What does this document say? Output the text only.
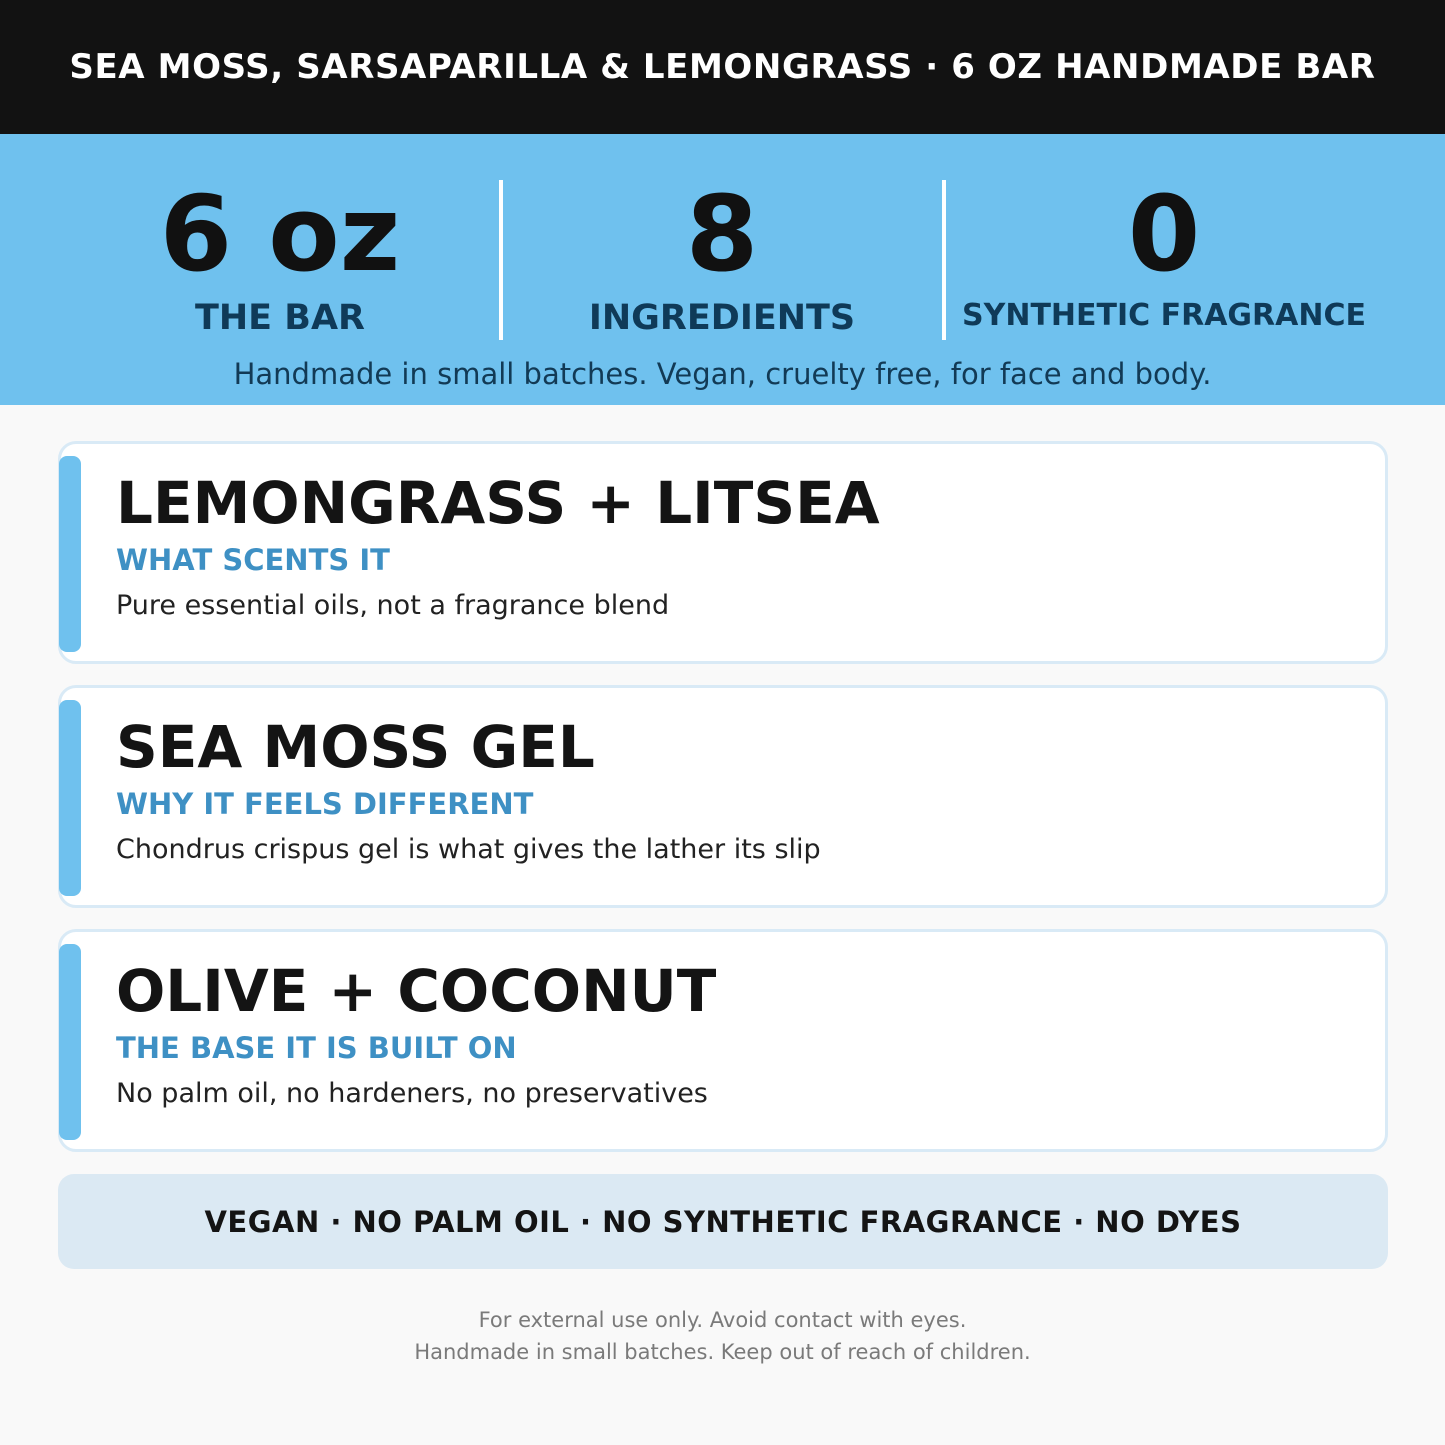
SEA MOSS, SARSAPARILLA & LEMONGRASS · 6 OZ HANDMADE BAR
6 oz
THE BAR
8
INGREDIENTS
0
SYNTHETIC FRAGRANCE
Handmade in small batches. Vegan, cruelty free, for face and body.
LEMONGRASS + LITSEA
WHAT SCENTS IT
Pure essential oils, not a fragrance blend
SEA MOSS GEL
WHY IT FEELS DIFFERENT
Chondrus crispus gel is what gives the lather its slip
OLIVE + COCONUT
THE BASE IT IS BUILT ON
No palm oil, no hardeners, no preservatives
VEGAN · NO PALM OIL · NO SYNTHETIC FRAGRANCE · NO DYES
For external use only. Avoid contact with eyes.
Handmade in small batches. Keep out of reach of children.
